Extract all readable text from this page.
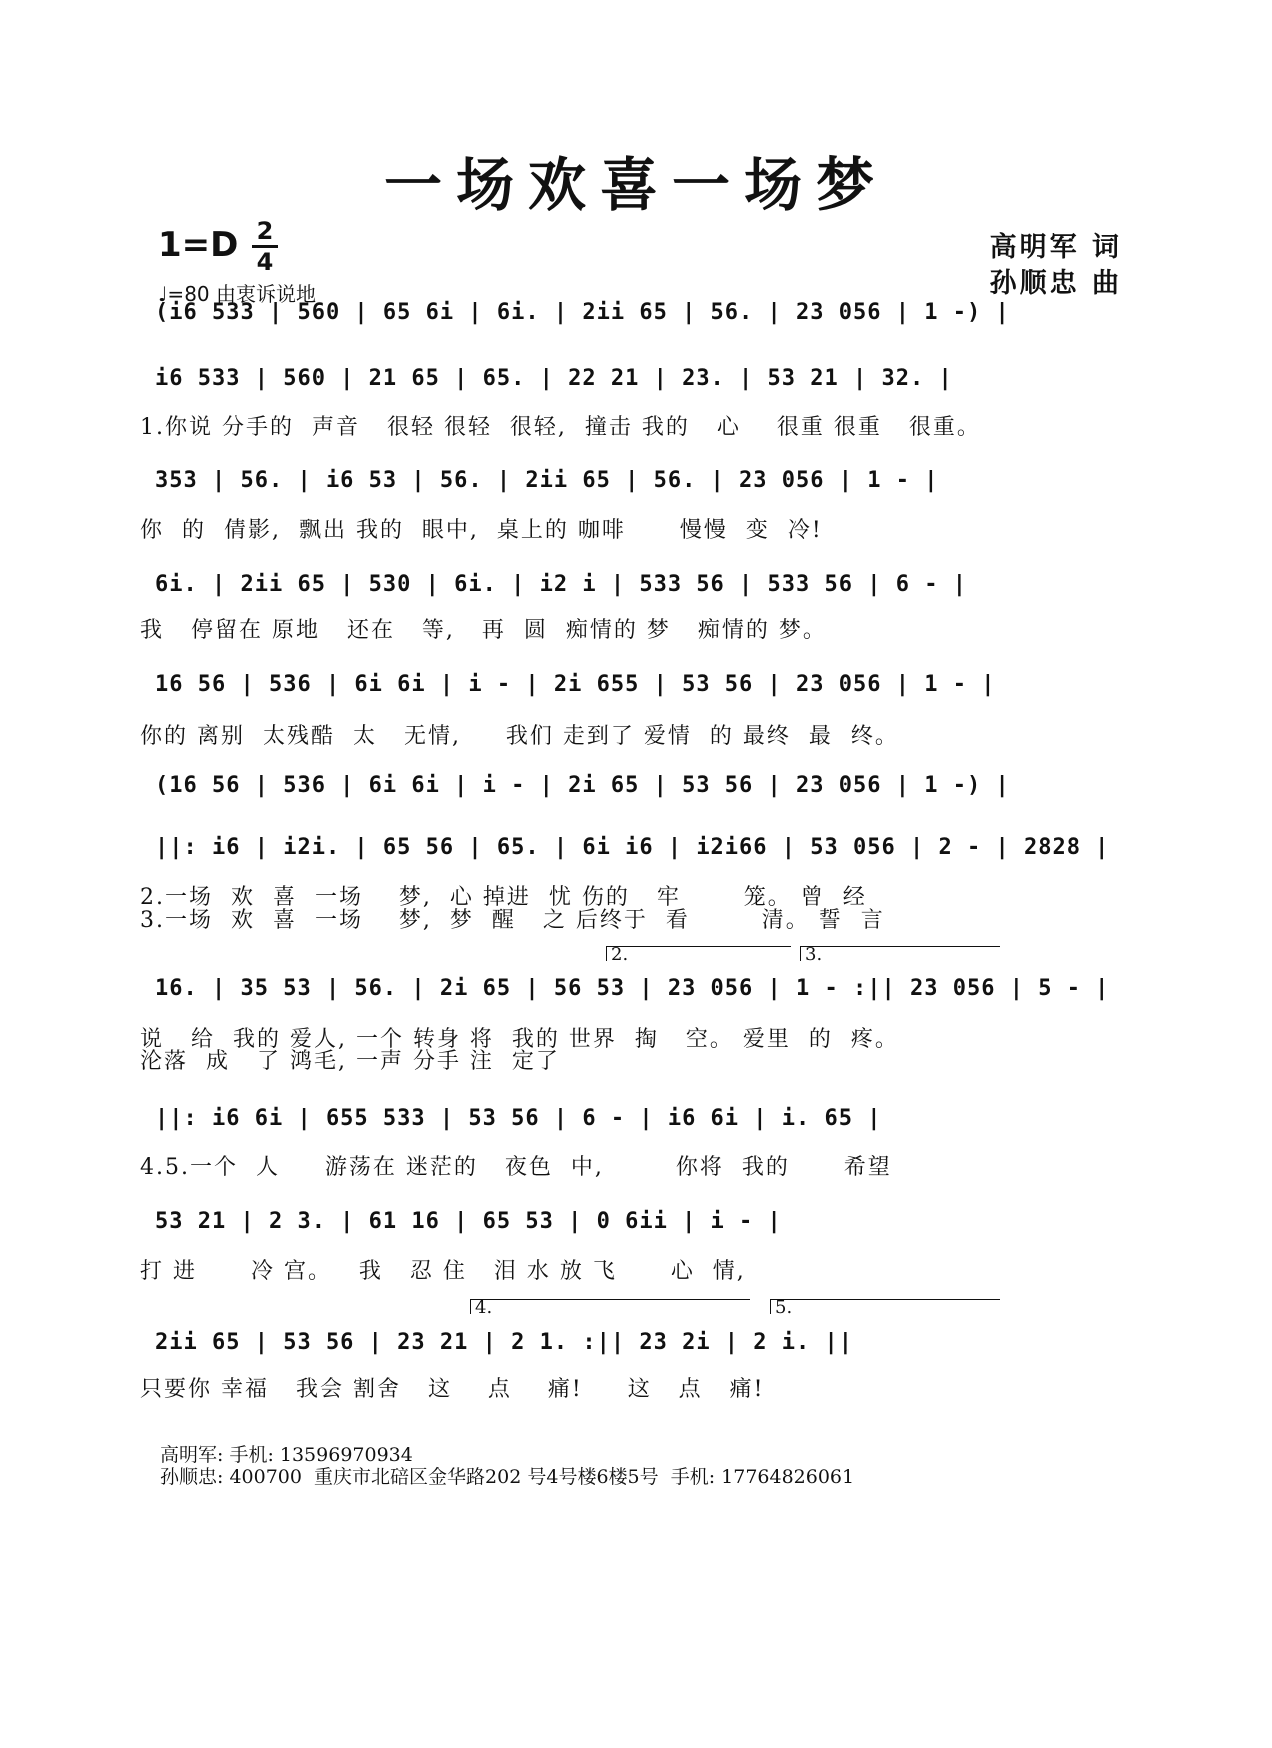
一场欢喜一场梦
1=D 2
4
♩=80 由衷诉说地
高明军 词
孙顺忠 曲
(i6 533 | 560 | 65 6i | 6i. | 2ii 65 | 56. | 23 056 | 1 -) |
i6 533 | 560 | 21 65 | 65. | 22 21 | 23. | 53 21 | 32. |
1.你说 分手的  声音   很轻 很轻  很轻,  撞击 我的   心    很重 很重   很重。
353 | 56. | i6 53 | 56. | 2ii 65 | 56. | 23 056 | 1 - |
你  的  倩影,  飘出 我的  眼中,  桌上的 咖啡      慢慢  变  冷!
6i. | 2ii 65 | 530 | 6i. | i2 i | 533 56 | 533 56 | 6 - |
我   停留在 原地   还在   等,   再  圆  痴情的 梦   痴情的 梦。
16 56 | 536 | 6i 6i | i - | 2i 655 | 53 56 | 23 056 | 1 - |
你的 离别  太残酷  太   无情,     我们 走到了 爱情  的 最终  最  终。
(16 56 | 536 | 6i 6i | i - | 2i 65 | 53 56 | 23 056 | 1 -) |
||: i6 | i2i. | 65 56 | 65. | 6i i6 | i2i66 | 53 056 | 2 - | 2828 |
2.一场  欢  喜  一场    梦,  心 掉进  忧 伤的   牢       笼。 曾  经
3.一场  欢  喜  一场    梦,  梦  醒   之 后终于  看        清。 誓  言
2.	3.
16. | 35 53 | 56. | 2i 65 | 56 53 | 23 056 | 1 - :|| 23 056 | 5 - |
说   给  我的 爱人, 一个 转身 将  我的 世界  掏   空。 爱里  的  疼。
沦落  成   了 鸿毛, 一声 分手 注  定了
||: i6 6i | 655 533 | 53 56 | 6 - | i6 6i | i. 65 |
4.5.一个  人     游荡在 迷茫的   夜色  中,        你将  我的      希望
53 21 | 2 3. | 61 16 | 65 53 | 0 6ii | i - |
打 进      冷 宫。   我   忍 住   泪 水 放 飞      心  情,
4.	5.
2ii 65 | 53 56 | 23 21 | 2 1. :|| 23 2i | 2 i. ||
只要你 幸福   我会 割舍   这    点    痛!     这   点   痛!
高明军: 手机: 13596970934
孙顺忠: 400700  重庆市北碚区金华路202 号4号楼6楼5号  手机: 17764826061
